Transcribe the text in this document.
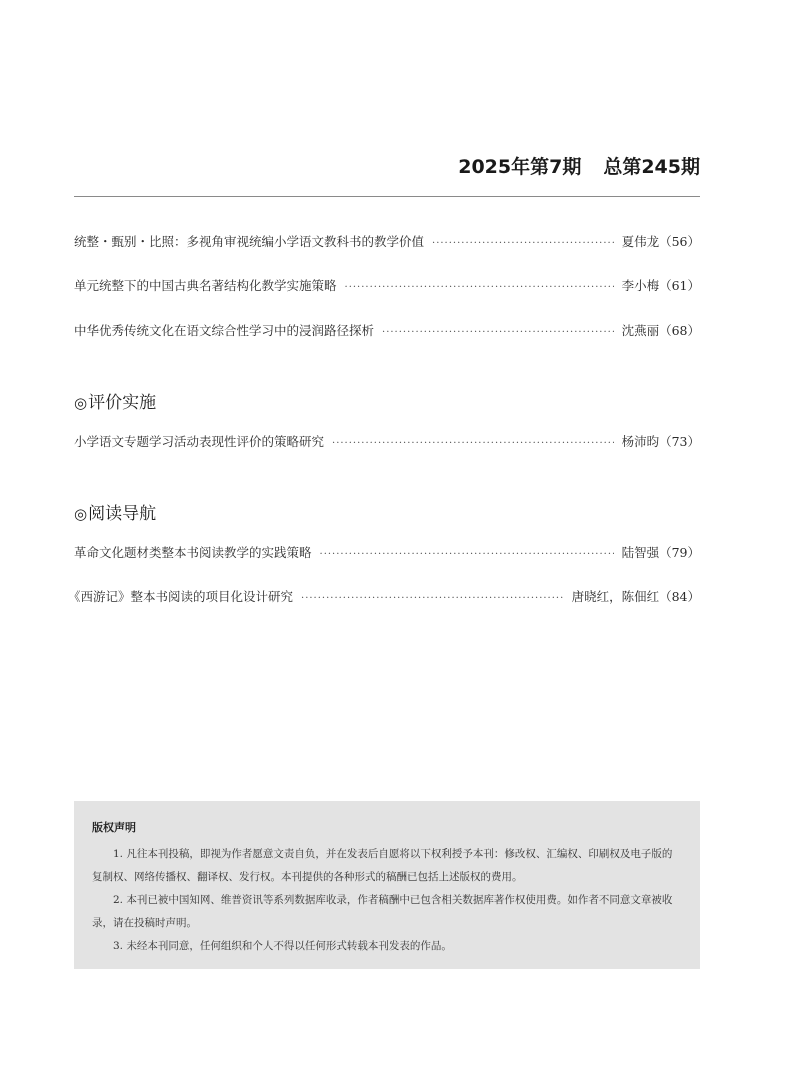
2025年第7期 总第245期
统整・甄别・比照：多视角审视统编小学语文教科书的教学价值 ·····	夏伟龙（56）
单元统整下的中国古典名著结构化教学实施策略 ·····	李小梅（61）
中华优秀传统文化在语文综合性学习中的浸润路径探析 ·····	沈燕丽（68）
◎评价实施
小学语文专题学习活动表现性评价的策略研究 ·····	杨沛昀（73）
◎阅读导航
革命文化题材类整本书阅读教学的实践策略 ·····	陆智强（79）
《西游记》整本书阅读的项目化设计研究 ·····	唐晓红，陈佃红（84）
版权声明

1. 凡往本刊投稿，即视为作者愿意文责自负，并在发表后自愿将以下权利授予本刊：修改权、汇编权、印刷权及电子版的复制权、网络传播权、翻译权、发行权。本刊提供的各种形式的稿酬已包括上述版权的费用。

2. 本刊已被中国知网、维普资讯等系列数据库收录，作者稿酬中已包含相关数据库著作权使用费。如作者不同意文章被收录，请在投稿时声明。

3. 未经本刊同意，任何组织和个人不得以任何形式转载本刊发表的作品。
